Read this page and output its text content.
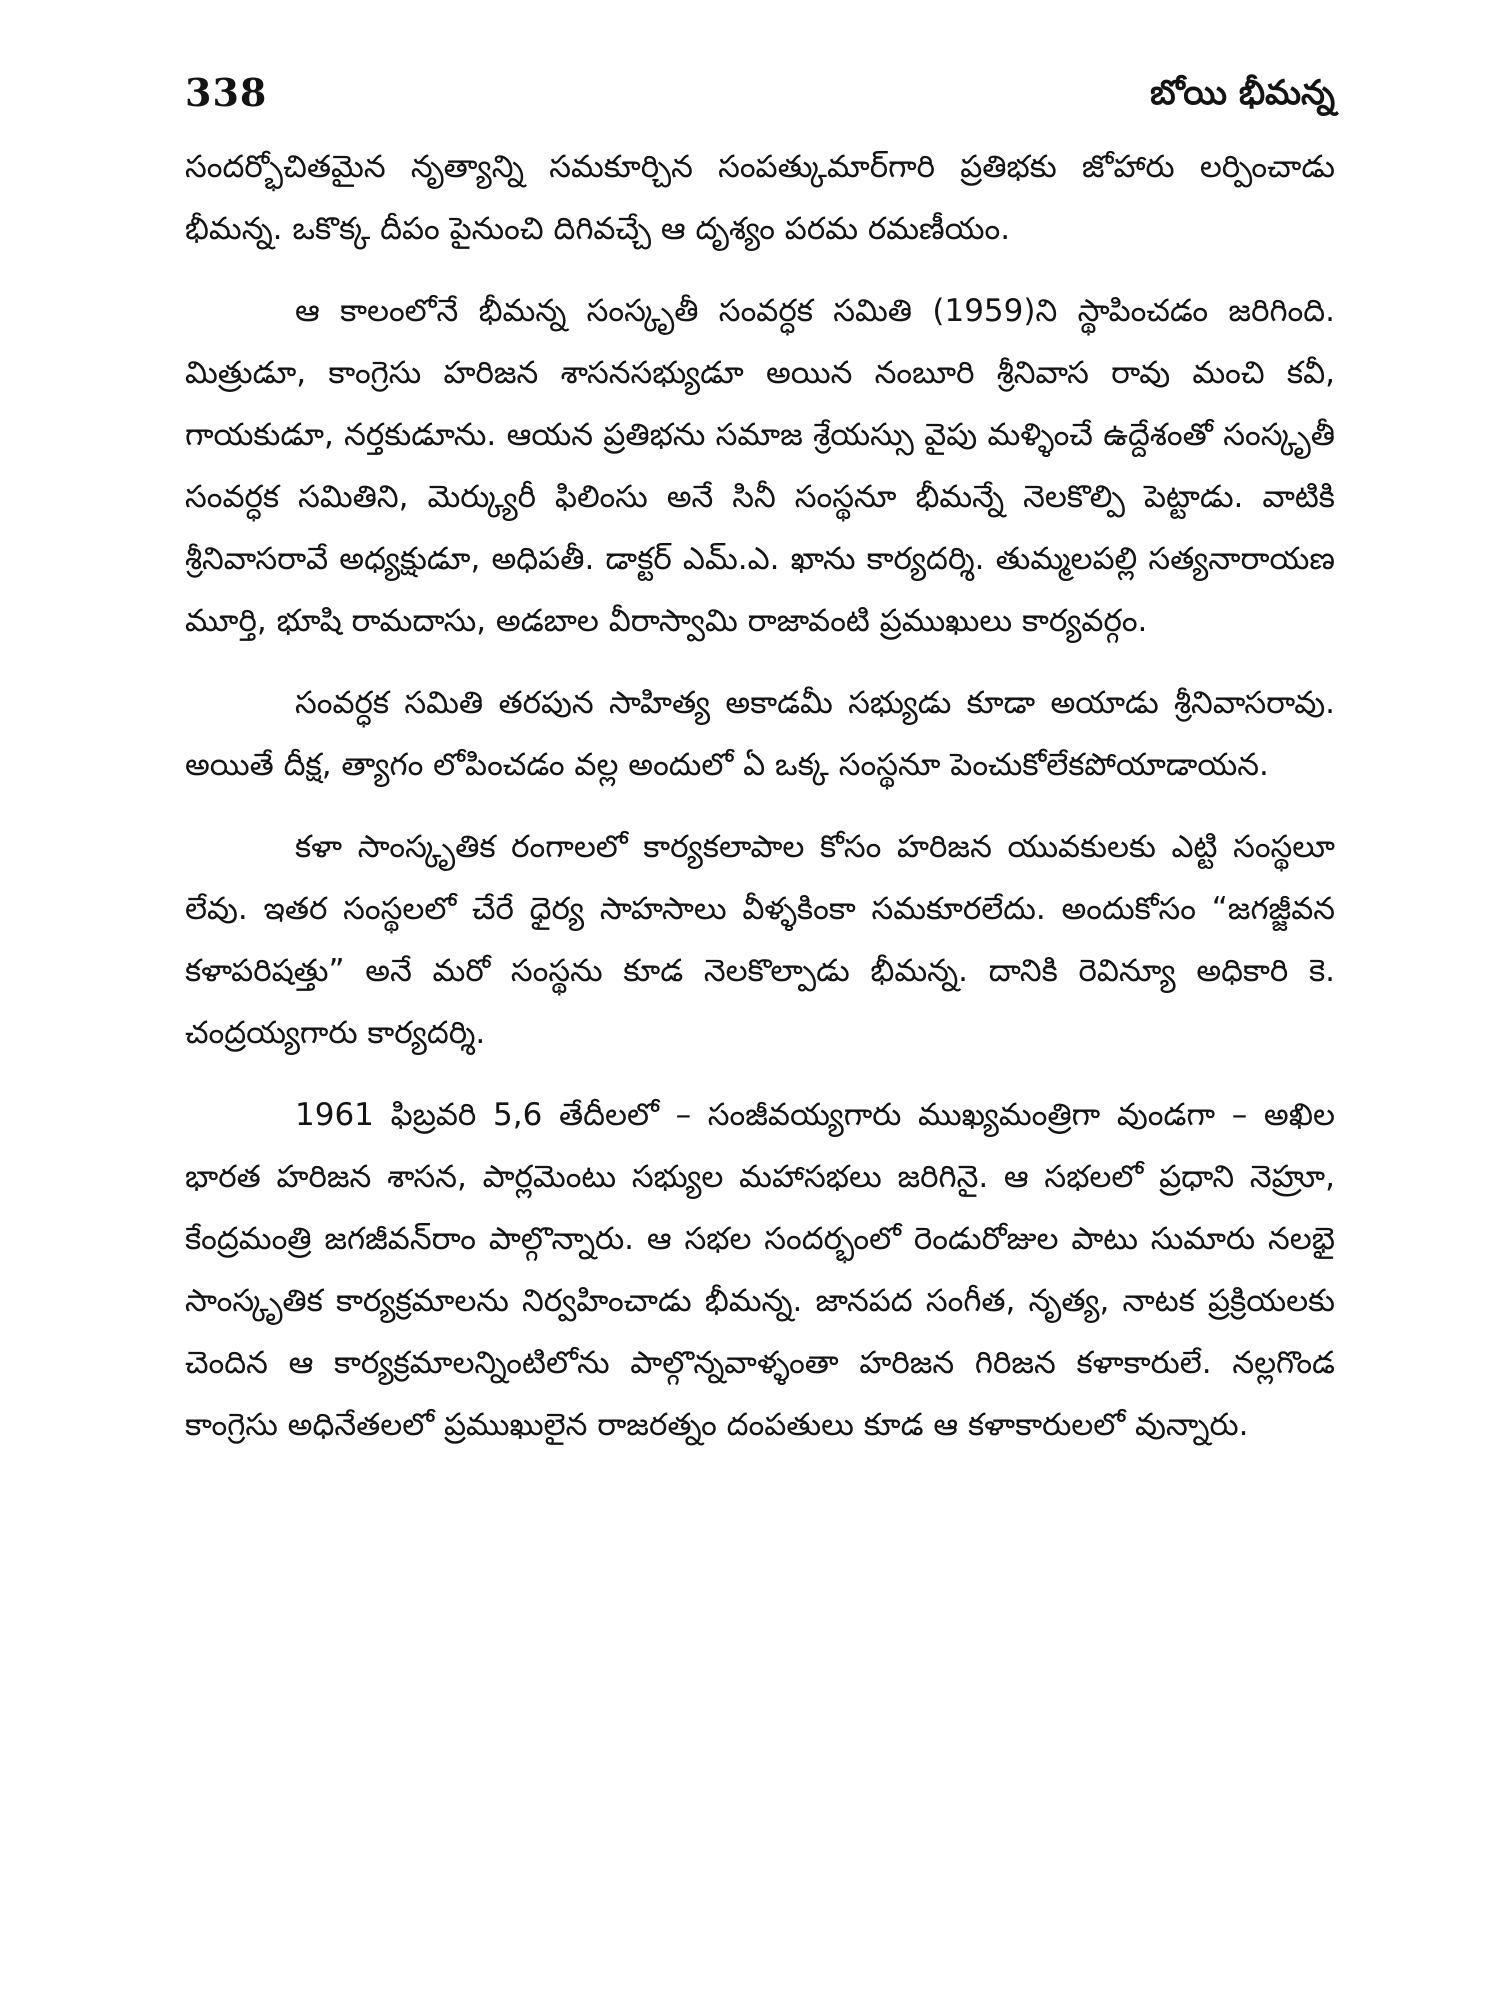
338	బోయి భీమన్న

సందర్భోచితమైన నృత్యాన్ని సమకూర్చిన సంపత్కుమార్‌గారి ప్రతిభకు జోహారు లర్పించాడు భీమన్న. ఒకొక్క దీపం పైనుంచి దిగివచ్చే ఆ దృశ్యం పరమ రమణీయం.

ఆ కాలంలోనే భీమన్న సంస్కృతీ సంవర్ధక సమితి (1959)ని స్థాపించడం జరిగింది. మిత్రుడూ, కాంగ్రెసు హరిజన శాసనసభ్యుడూ అయిన నంబూరి శ్రీనివాస రావు మంచి కవీ, గాయకుడూ, నర్తకుడూను. ఆయన ప్రతిభను సమాజ శ్రేయస్సు వైపు మళ్ళించే ఉద్దేశంతో సంస్కృతీ సంవర్ధక సమితిని, మెర్క్యురీ ఫిలింసు అనే సినీ సంస్థనూ భీమన్నే నెలకొల్పి పెట్టాడు. వాటికి శ్రీనివాసరావే అధ్యక్షుడూ, అధిపతీ. డాక్టర్ ఎమ్.ఎ. ఖాను కార్యదర్శి. తుమ్మలపల్లి సత్యనారాయణ మూర్తి, భూషి రామదాసు, అడబాల వీరాస్వామి రాజావంటి ప్రముఖులు కార్యవర్గం.

సంవర్ధక సమితి తరపున సాహిత్య అకాడమీ సభ్యుడు కూడా అయాడు శ్రీనివాసరావు. అయితే దీక్ష, త్యాగం లోపించడం వల్ల అందులో ఏ ఒక్క సంస్థనూ పెంచుకోలేకపోయాడాయన.

కళా సాంస్కృతిక రంగాలలో కార్యకలాపాల కోసం హరిజన యువకులకు ఎట్టి సంస్థలూ లేవు. ఇతర సంస్థలలో చేరే ధైర్య సాహసాలు వీళ్ళకింకా సమకూరలేదు. అందుకోసం “జగజ్జీవన కళాపరిషత్తు” అనే మరో సంస్థను కూడ నెలకొల్పాడు భీమన్న. దానికి రెవిన్యూ అధికారి కె. చంద్రయ్యగారు కార్యదర్శి.

1961 ఫిబ్రవరి 5,6 తేదీలలో – సంజీవయ్యగారు ముఖ్యమంత్రిగా వుండగా – అఖిల భారత హరిజన శాసన, పార్లమెంటు సభ్యుల మహాసభలు జరిగినై. ఆ సభలలో ప్రధాని నెహ్రూ, కేంద్రమంత్రి జగజీవన్‌రాం పాల్గొన్నారు. ఆ సభల సందర్భంలో రెండురోజుల పాటు సుమారు నలభై సాంస్కృతిక కార్యక్రమాలను నిర్వహించాడు భీమన్న. జానపద సంగీత, నృత్య, నాటక ప్రక్రియలకు చెందిన ఆ కార్యక్రమాలన్నింటిలోను పాల్గొన్నవాళ్ళంతా హరిజన గిరిజన కళాకారులే. నల్లగొండ కాంగ్రెసు అధినేతలలో ప్రముఖులైన రాజరత్నం దంపతులు కూడ ఆ కళాకారులలో వున్నారు.
